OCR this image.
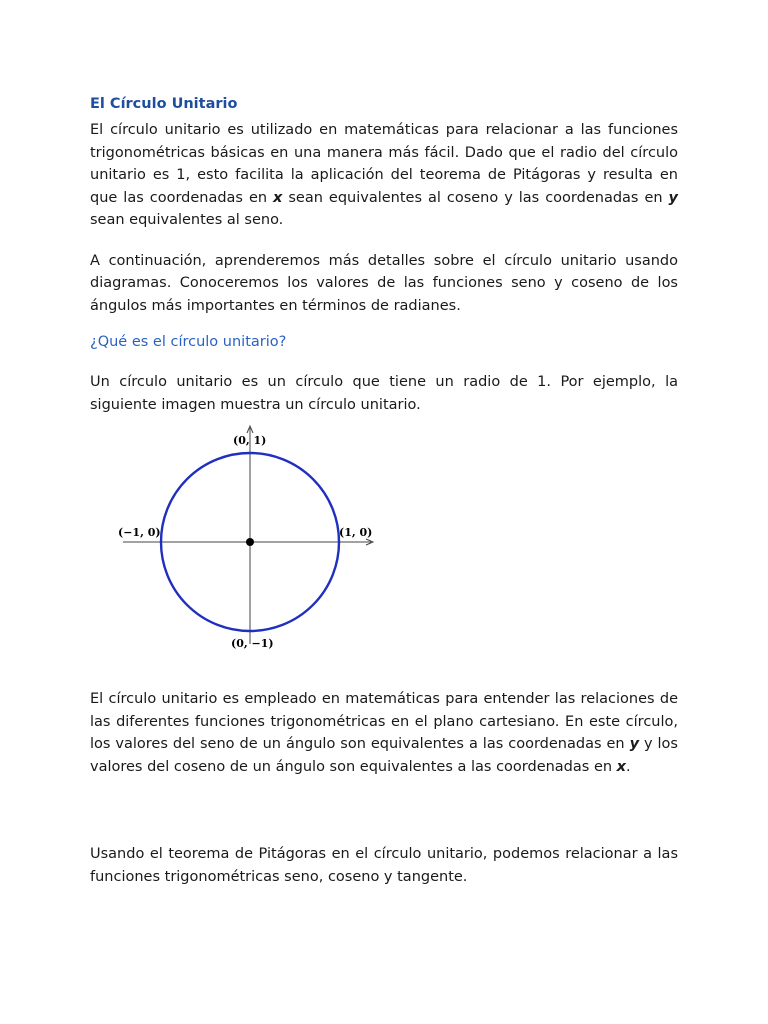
El Círculo Unitario

El círculo unitario es utilizado en matemáticas para relacionar a las funciones trigonométricas básicas en una manera más fácil. Dado que el radio del círculo unitario es 1, esto facilita la aplicación del teorema de Pitágoras y resulta en que las coordenadas en x sean equivalentes al coseno y las coordenadas en y sean equivalentes al seno.

A continuación, aprenderemos más detalles sobre el círculo unitario usando diagramas. Conoceremos los valores de las funciones seno y coseno de los ángulos más importantes en términos de radianes.

¿Qué es el círculo unitario?

Un círculo unitario es un círculo que tiene un radio de 1. Por ejemplo, la siguiente imagen muestra un círculo unitario.

(0, 1)
(0, −1)
(−1, 0)	(1, 0)

El círculo unitario es empleado en matemáticas para entender las relaciones de las diferentes funciones trigonométricas en el plano cartesiano. En este círculo, los valores del seno de un ángulo son equivalentes a las coordenadas en y y los valores del coseno de un ángulo son equivalentes a las coordenadas en x.

Usando el teorema de Pitágoras en el círculo unitario, podemos relacionar a las funciones trigonométricas seno, coseno y tangente.
